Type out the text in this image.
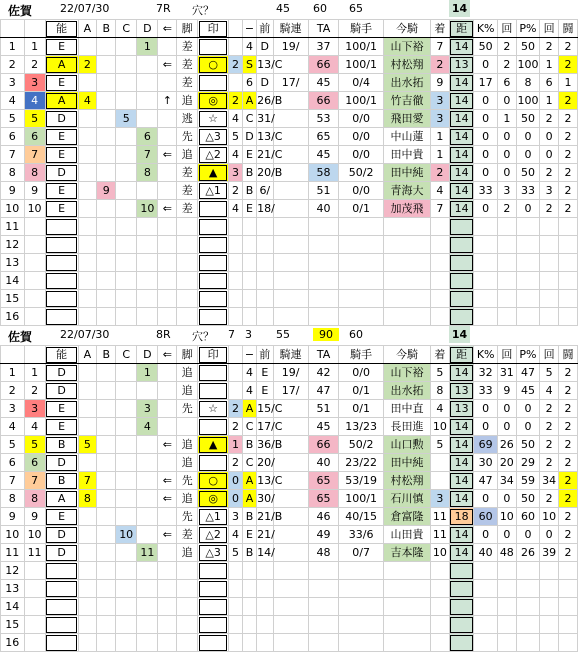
佐賀	22/07/30	7R 穴？	45 60 65	14
		能	A	B	C	D	⇐	脚	印		−	前	騎連	TA	騎手	今騎	着	距	K%	回	P%	回	闘
1	1	E				1		差			4	D	19/	37	100/1	山下裕	7	14	50	2	50	2	2
2	2	A	2				⇐	差	○	2	S	13/C		66	100/1	村松翔	2	13	0	2	100	1	2
3	3	E						差			6	D	17/	45	0/4	出水拓	9	14	17	6	8	6	1
4	4	A	4				↑	追	◎	2	A	26/B		66	100/1	竹吉徹	3	14	0	0	100	1	2
5	5	D			5			逃	☆	4	C	31/		53	0/0	飛田愛	3	14	0	1	50	2	2
6	6	E				6		先	△3	5	D	13/C		65	0/0	中山蓮	1	14	0	0	0	0	2
7	7	E				7	⇐	追	△2	4	E	21/C		45	0/0	田中貴	1	14	0	0	0	0	2
8	8	D				8		差	▲	3	B	20/B		58	50/2	田中純	2	14	0	0	50	2	2
9	9	E		9				差	△1	2	B	6/		51	0/0	青海大	4	14	33	3	33	3	2
10	10	E				10	⇐	差		4	E	18/		40	0/1	加茂飛	7	14	0	2	0	2	2
11																							
12																							
13																							
14																							
15																							
16																							
佐賀	22/07/30	8R 穴？ 7 3 55	90	60	14
		能	A	B	C	D	⇐	脚	印		−	前	騎連	TA	騎手	今騎	着	距	K%	回	P%	回	闘
1	1	D				1		追			4	E	19/	42	0/0	山下裕	5	14	32	31	47	5	2
2	2	D						追			4	E	17/	47	0/1	出水拓	8	13	33	9	45	4	2
3	3	E				3		先	☆	2	A	15/C		51	0/1	田中直	4	13	0	0	0	2	2
4	4	E				4				2	C	17/C		45	13/23	長田進	10	14	0	0	0	2	2
5	5	B	5				⇐	追	▲	1	B	36/B		66	50/2	山口勲	5	14	69	26	50	2	2
6	6	D						追		2	C	20/		40	23/22	田中純		14	30	20	29	2	2
7	7	B	7				⇐	先	○	0	A	13/C		65	53/19	村松翔		14	47	34	59	34	2
8	8	A	8				⇐	追	◎	0	A	30/		65	100/1	石川慎	3	14	0	0	50	2	2
9	9	E						先	△1	3	B	21/B		46	40/15	倉富隆	11	18	60	10	60	10	2
10	10	D			10		⇐	差	△2	4	E	21/		49	33/6	山田貴	11	14	0	0	0	0	2
11	11	D				11		追	△3	5	B	14/		48	0/7	吉本隆	10	14	40	48	26	39	2
12																							
13																							
14																							
15																							
16																							
